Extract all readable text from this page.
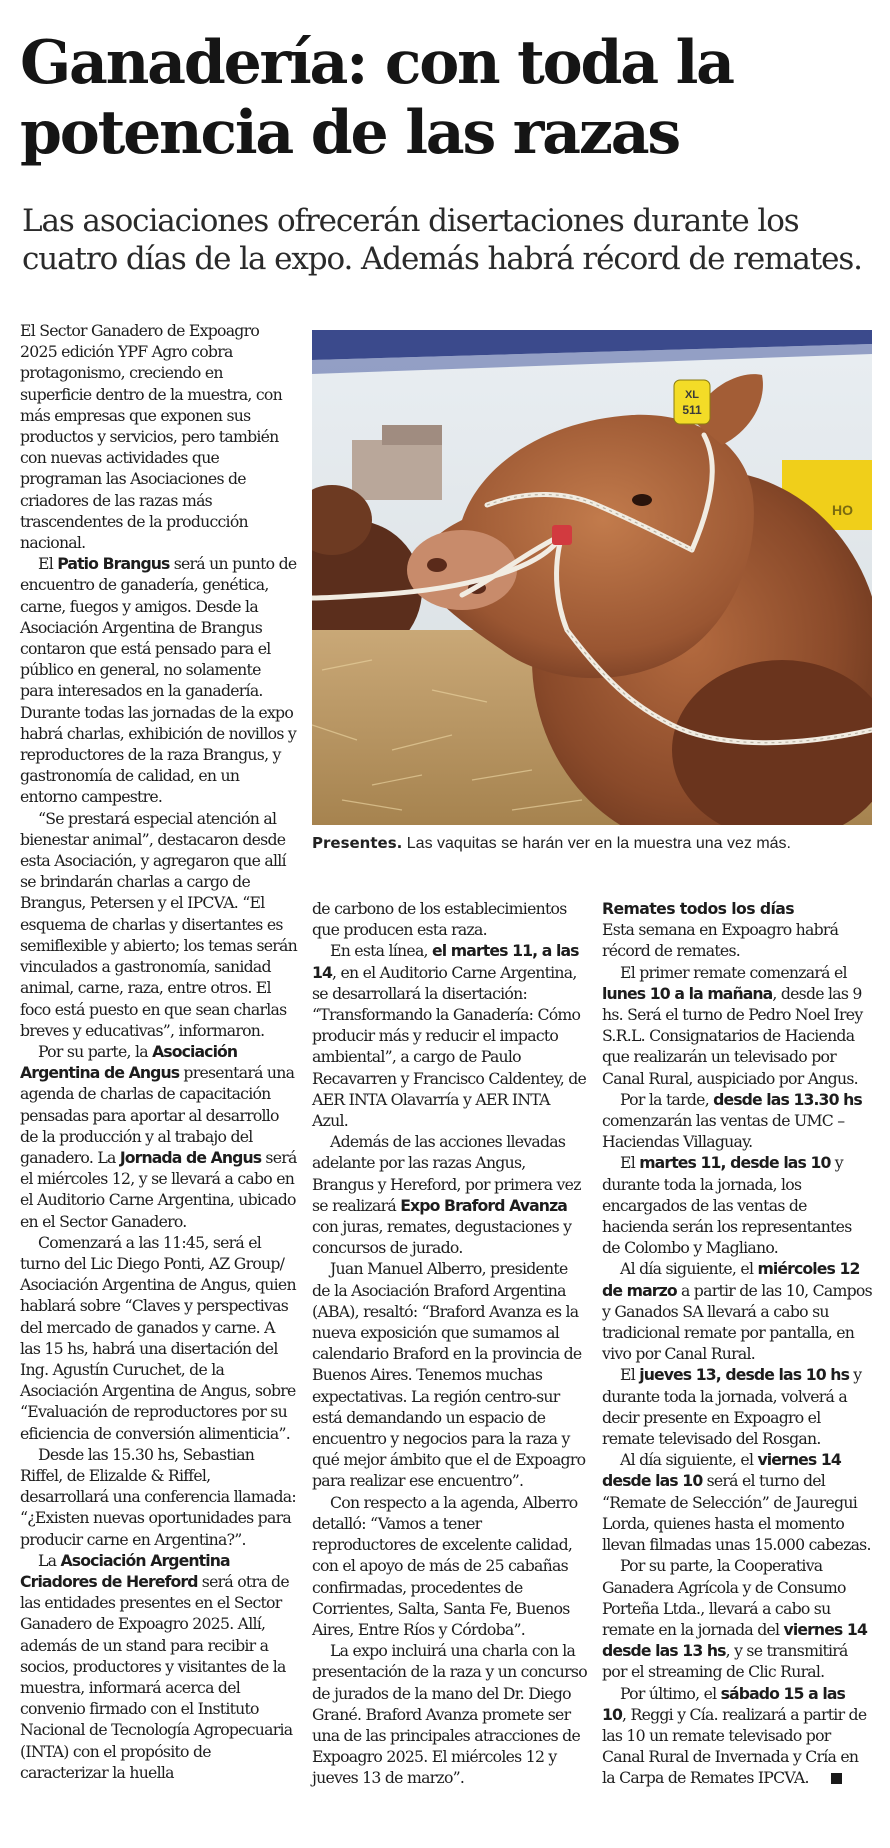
Ganadería: con toda la
potencia de las razas
Las asociaciones ofrecerán disertaciones durante los
cuatro días de la expo. Además habrá récord de remates.

El Sector Ganadero de Expoagro 2025 edición YPF Agro cobra protagonismo, creciendo en superficie dentro de la muestra, con más empresas que exponen sus productos y servicios, pero también con nuevas actividades que programan las Asociaciones de criadores de las razas más trascendentes de la producción nacional.

El Patio Brangus será un punto de encuentro de ganadería, genética, carne, fuegos y amigos. Desde la Asociación Argentina de Brangus contaron que está pensado para el público en general, no solamente para interesados en la ganadería. Durante todas las jornadas de la expo habrá charlas, exhibición de novillos y reproductores de la raza Brangus, y gastronomía de calidad, en un entorno campestre.

“Se prestará especial atención al bienestar animal”, destacaron desde esta Asociación, y agregaron que allí se brindarán charlas a cargo de Brangus, Petersen y el IPCVA. “El esquema de charlas y disertantes es semiflexible y abierto; los temas serán vinculados a gastronomía, sanidad animal, carne, raza, entre otros. El foco está puesto en que sean charlas breves y educativas”, informaron.

Por su parte, la Asociación Argentina de Angus presentará una agenda de charlas de capacitación pensadas para aportar al desarrollo de la producción y al trabajo del ganadero. La Jornada de Angus será el miércoles 12, y se llevará a cabo en el Auditorio Carne Argentina, ubicado en el Sector Ganadero.

Comenzará a las 11:45, será el turno del Lic Diego Ponti, AZ Group/ Asociación Argentina de Angus, quien hablará sobre “Claves y perspectivas del mercado de ganados y carne. A las 15 hs, habrá una disertación del Ing. Agustín Curuchet, de la Asociación Argentina de Angus, sobre “Evaluación de reproductores por su eficiencia de conversión alimenticia”.

Desde las 15.30 hs, Sebastian Riffel, de Elizalde & Riffel, desarrollará una conferencia llamada: “¿Existen nuevas oportunidades para producir carne en Argentina?”.

La Asociación Argentina Criadores de Hereford será otra de las entidades presentes en el Sector Ganadero de Expoagro 2025. Allí, además de un stand para recibir a socios, productores y visitantes de la muestra, informará acerca del convenio firmado con el Instituto Nacional de Tecnología Agropecuaria (INTA) con el propósito de caracterizar la huella

HO
XL
511
Presentes. Las vaquitas se harán ver en la muestra una vez más.

de carbono de los establecimientos que producen esta raza.

En esta línea, el martes 11, a las 14, en el Auditorio Carne Argentina, se desarrollará la disertación: “Transformando la Ganadería: Cómo producir más y reducir el impacto ambiental”, a cargo de Paulo Recavarren y Francisco Caldentey, de AER INTA Olavarría y AER INTA Azul.

Además de las acciones llevadas adelante por las razas Angus, Brangus y Hereford, por primera vez se realizará Expo Braford Avanza con juras, remates, degustaciones y concursos de jurado.

Juan Manuel Alberro, presidente de la Asociación Braford Argentina (ABA), resaltó: “Braford Avanza es la nueva exposición que sumamos al calendario Braford en la provincia de Buenos Aires. Tenemos muchas expectativas. La región centro-sur está demandando un espacio de encuentro y negocios para la raza y qué mejor ámbito que el de Expoagro para realizar ese encuentro”.

Con respecto a la agenda, Alberro detalló: “Vamos a tener reproductores de excelente calidad, con el apoyo de más de 25 cabañas confirmadas, procedentes de Corrientes, Salta, Santa Fe, Buenos Aires, Entre Ríos y Córdoba”.

La expo incluirá una charla con la presentación de la raza y un concurso de jurados de la mano del Dr. Diego Grané. Braford Avanza promete ser una de las principales atracciones de Expoagro 2025. El miércoles 12 y jueves 13 de marzo”.

Remates todos los días

Esta semana en Expoagro habrá récord de remates.

El primer remate comenzará el lunes 10 a la mañana, desde las 9 hs. Será el turno de Pedro Noel Irey S.R.L. Consignatarios de Hacienda que realizarán un televisado por Canal Rural, auspiciado por Angus.

Por la tarde, desde las 13.30 hs comenzarán las ventas de UMC – Haciendas Villaguay.

El martes 11, desde las 10 y durante toda la jornada, los encargados de las ventas de hacienda serán los representantes de Colombo y Magliano.

Al día siguiente, el miércoles 12 de marzo a partir de las 10, Campos y Ganados SA llevará a cabo su tradicional remate por pantalla, en vivo por Canal Rural.

El jueves 13, desde las 10 hs y durante toda la jornada, volverá a decir presente en Expoagro el remate televisado del Rosgan.

Al día siguiente, el viernes 14 desde las 10 será el turno del “Remate de Selección” de Jauregui Lorda, quienes hasta el momento llevan filmadas unas 15.000 cabezas.

Por su parte, la Cooperativa Ganadera Agrícola y de Consumo Porteña Ltda., llevará a cabo su remate en la jornada del viernes 14 desde las 13 hs, y se transmitirá por el streaming de Clic Rural.

Por último, el sábado 15 a las 10, Reggi y Cía. realizará a partir de las 10 un remate televisado por Canal Rural de Invernada y Cría en la Carpa de Remates IPCVA.
